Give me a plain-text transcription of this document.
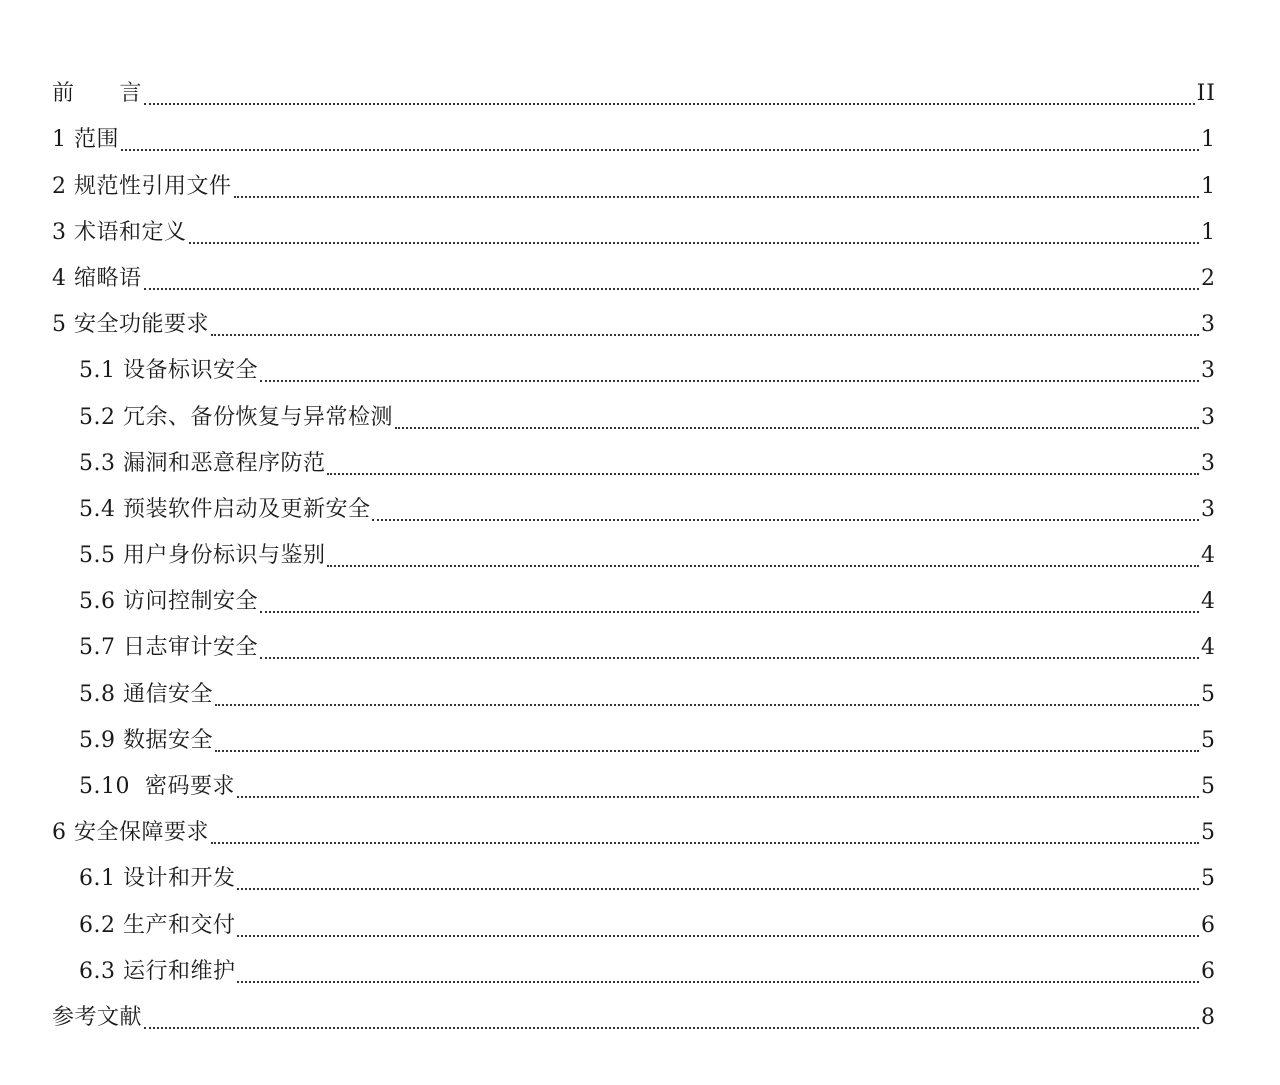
前      言	II
1 范围	1
2 规范性引用文件	1
3 术语和定义	1
4 缩略语	2
5 安全功能要求	3
5.1 设备标识安全	3
5.2 冗余、备份恢复与异常检测	3
5.3 漏洞和恶意程序防范	3
5.4 预装软件启动及更新安全	3
5.5 用户身份标识与鉴别	4
5.6 访问控制安全	4
5.7 日志审计安全	4
5.8 通信安全	5
5.9 数据安全	5
5.10  密码要求	5
6 安全保障要求	5
6.1 设计和开发	5
6.2 生产和交付	6
6.3 运行和维护	6
参考文献	8
